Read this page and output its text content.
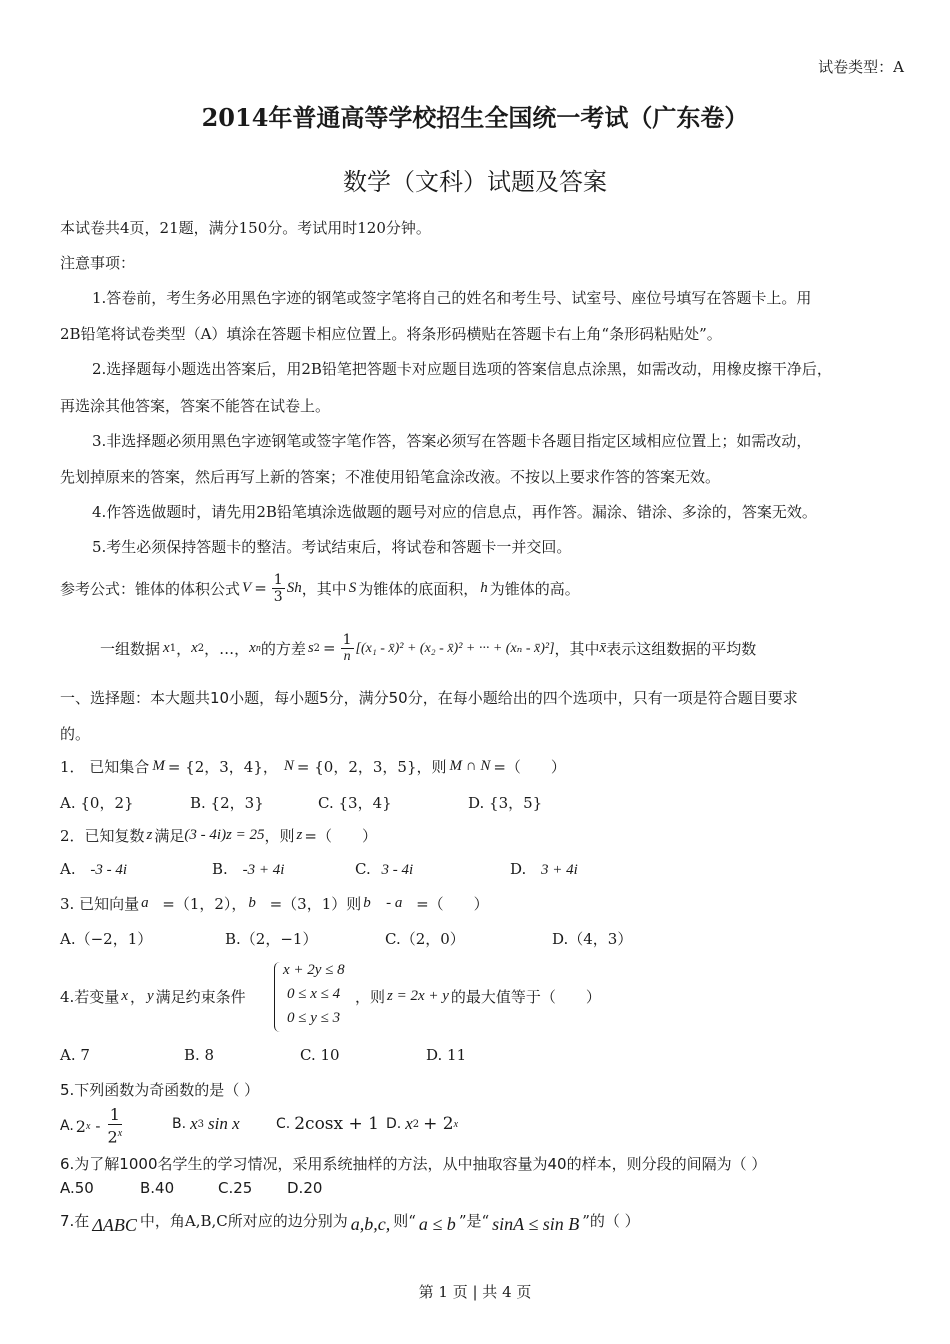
试卷类型：A
2014年普通高等学校招生全国统一考试（广东卷）
数学（文科）试题及答案
本试卷共4页，21题，满分150分。考试用时120分钟。
注意事项：
1.答卷前，考生务必用黑色字迹的钢笔或签字笔将自己的姓名和考生号、试室号、座位号填写在答题卡上。用
2B铅笔将试卷类型（A）填涂在答题卡相应位置上。将条形码横贴在答题卡右上角“条形码粘贴处”。
2.选择题每小题选出答案后，用2B铅笔把答题卡对应题目选项的答案信息点涂黑，如需改动，用橡皮擦干净后，
再选涂其他答案，答案不能答在试卷上。
3.非选择题必须用黑色字迹钢笔或签字笔作答，答案必须写在答题卡各题目指定区域相应位置上；如需改动，
先划掉原来的答案，然后再写上新的答案；不准使用铅笔盒涂改液。不按以上要求作答的答案无效。
4.作答选做题时，请先用2B铅笔填涂选做题的题号对应的信息点，再作答。漏涂、错涂、多涂的，答案无效。
5.考生必须保持答题卡的整洁。考试结束后，将试卷和答题卡一并交回。
参考公式：锥体的体积公式 $V = \frac{1}{3}$ Sh ，其中 S 为锥体的底面积， h 为锥体的高。
一组数据 x 1 ， x 2 ，…， x n 的方差 s $2 = \frac{1}{n} [(x_1$ - x̄)² + (x₂ - x̄)² + ··· + (xₙ - x̄)²] ，其中 x̄ 表示这组数据的平均数
一、选择题：本大题共10小题，每小题5分，满分50分，在每小题给出的四个选项中，只有一项是符合题目要求
的。
1． 已知集合 M = {2，3，4}， N = {0，2，3，5}，则 M ∩ N =（　　）
A. {0，2}	B. {2，3}	C. {3，4}	D. {3，5}
2．已知复数 z 满足 (3 - 4i)z = 25 ，则 z =（　　）
A. -3 - 4i	B. -3 + 4i	C. 3 - 4i	D. 3 + 4i
3. 已知向量 a⃗ =（1，2）， b⃗ =（3，1）则 b⃗ - a⃗ =（　　）
A.（−2，1）	B.（2，−1）	C.（2，0）	D.（4，3）
4.若变量 x ， y 满足约束条件
x + 2y ≤ 8
0 ≤ x ≤ 4
0 ≤ y ≤ 3
，则 z = 2x + y 的最大值等于（　　）
A. 7	B. 8	C. 10	D. 11
5.下列函数为奇函数的是（ ）
A. 2 x - $\frac{1}{2^x}$	B. x 3 sin x	C. 2cosx + 1 D. x 2 + 2 x
6.为了解1000名学生的学习情况，采用系统抽样的方法，从中抽取容量为40的样本，则分段的间隔为（ ）
A.50	B.40	C.25 D.20
7.在 ΔABC 中，角A,B,C所对应的边分别为 a,b,c, 则“ a ≤ b ”是“ sinA ≤ sin B ”的（ ）
第 1 页 | 共 4 页
